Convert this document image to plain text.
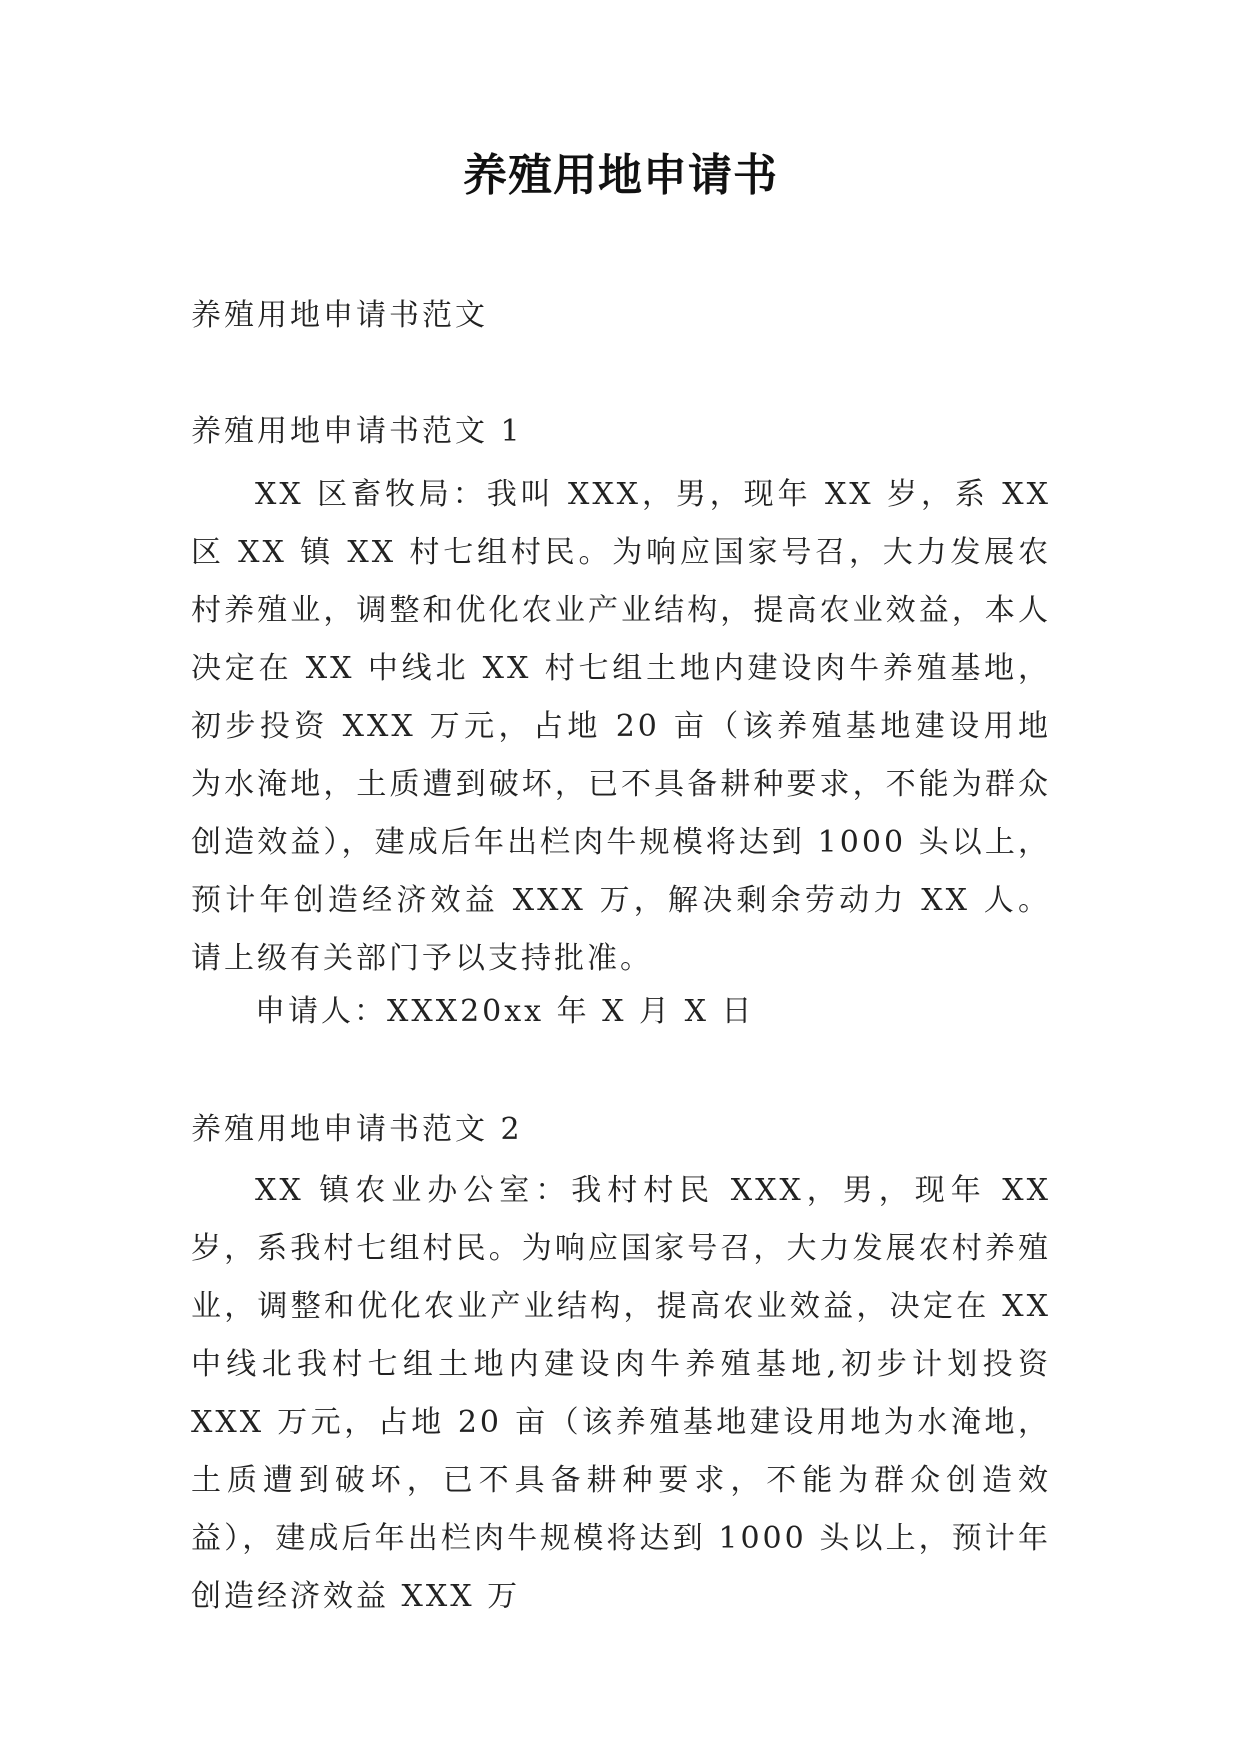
养殖用地申请书
养殖用地申请书范文
养殖用地申请书范文 1

XX 区畜牧局：我叫 XXX，男，现年 XX 岁，系 XX 区 XX 镇 XX 村七组村民。为响应国家号召，大力发展农村养殖业，调整和优化农业产业结构，提高农业效益，本人决定在 XX 中线北 XX 村七组土地内建设肉牛养殖基地，初步投资 XXX 万元，占地 20 亩（该养殖基地建设用地为水淹地，土质遭到破坏，已不具备耕种要求，不能为群众创造效益），建成后年出栏肉牛规模将达到 1000 头以上，预计年创造经济效益 XXX 万，解决剩余劳动力 XX 人。请上级有关部门予以支持批准。

申请人：XXX20xx 年 X 月 X 日
养殖用地申请书范文 2

XX 镇农业办公室：我村村民 XXX，男，现年 XX 岁，系我村七组村民。为响应国家号召，大力发展农村养殖业，调整和优化农业产业结构，提高农业效益，决定在 XX 中线北我村七组土地内建设肉牛养殖基地,初步计划投资 XXX 万元，占地 20 亩（该养殖基地建设用地为水淹地，土质遭到破坏，已不具备耕种要求，不能为群众创造效益），建成后年出栏肉牛规模将达到 1000 头以上，预计年创造经济效益 XXX 万
